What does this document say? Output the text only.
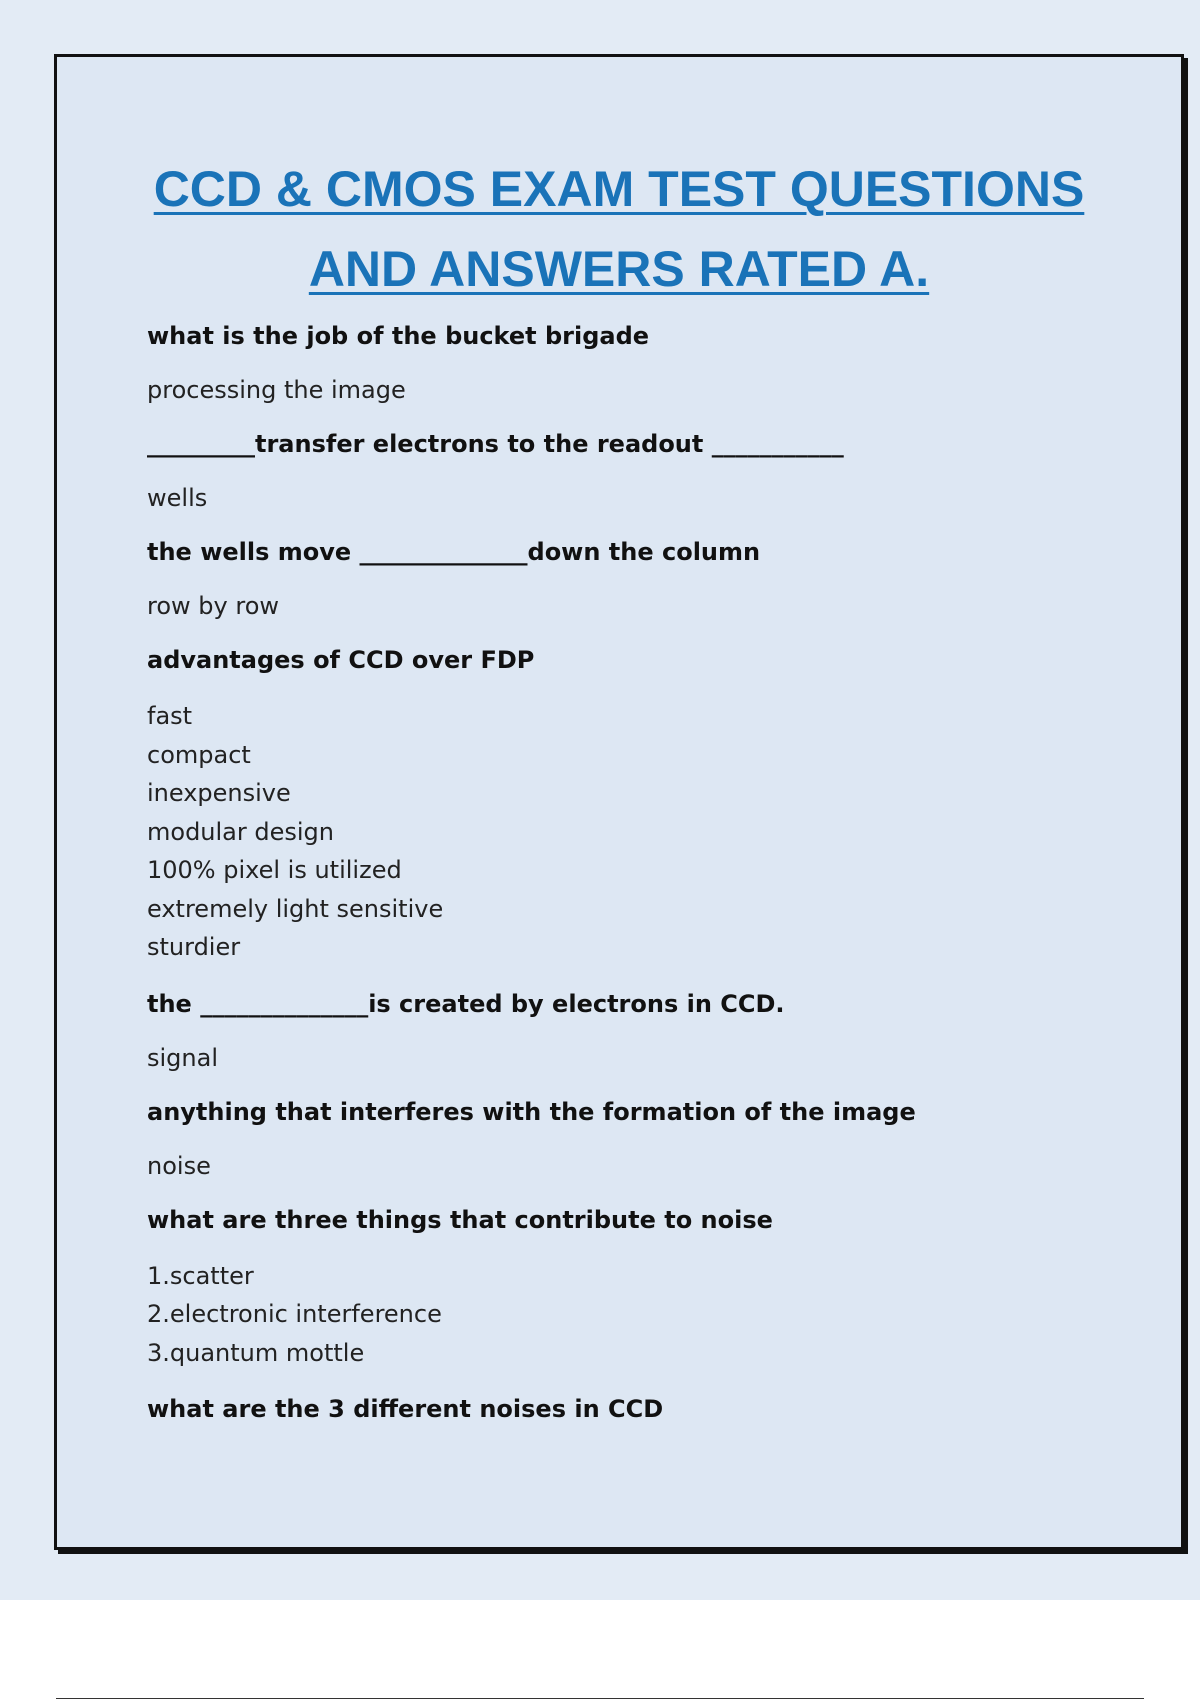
CCD & CMOS EXAM TEST QUESTIONS
AND ANSWERS RATED A.
what is the job of the bucket brigade
processing the image
_________transfer electrons to the readout ___________
wells
the wells move ______________down the column
row by row
advantages of CCD over FDP
fast
compact
inexpensive
modular design
100% pixel is utilized
extremely light sensitive
sturdier
the ______________is created by electrons in CCD.
signal
anything that interferes with the formation of the image
noise
what are three things that contribute to noise
1.scatter
2.electronic interference
3.quantum mottle
what are the 3 different noises in CCD
